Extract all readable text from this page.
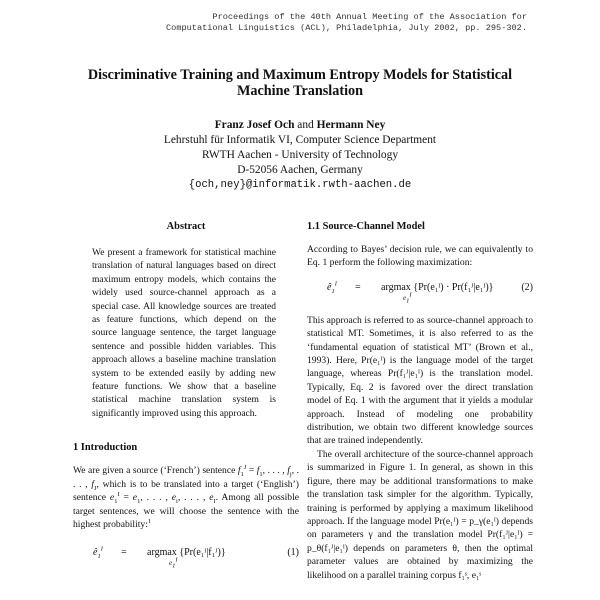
Proceedings of the 40th Annual Meeting of the Association for
Computational Linguistics (ACL), Philadelphia, July 2002, pp. 295-302.
Discriminative Training and Maximum Entropy Models for Statistical
Machine Translation
Franz Josef Och and Hermann Ney
Lehrstuhl für Informatik VI, Computer Science Department
RWTH Aachen - University of Technology
D-52056 Aachen, Germany
{och,ney}@informatik.rwth-aachen.de
Abstract

We present a framework for statistical machine translation of natural languages based on direct maximum entropy models, which contains the widely used source-channel approach as a special case. All knowledge sources are treated as feature functions, which depend on the source language sentence, the target language sentence and possible hidden variables. This approach allows a baseline machine translation system to be extended easily by adding new feature functions. We show that a baseline statistical machine translation system is significantly improved using this approach.

1 Introduction

We are given a source (‘French’) sentence $f_1^J = f_1$, . . . , $f_j$, . . . , $f_J$, which is to be translated into a target (‘English’) sentence $e_1^I = e_1$, . . . , $e_i$, . . . , $e_I$. Among all possible target sentences, we will choose the sentence with the highest probability:$^1$

$ê_1^I = argmax$ {Pr(e₁ᴵ|f₁ᴶ)}
$e_1^I$
(1)
1.1 Source-Channel Model

According to Bayes’ decision rule, we can equivalently to Eq. 1 perform the following maximization:

$ê_1^I = argmax$ {Pr(e₁ᴵ) · Pr(f₁ᴶ|e₁ᴵ)}
$e_1^I$
(2)

This approach is referred to as source-channel approach to statistical MT. Sometimes, it is also referred to as the ‘fundamental equation of statistical MT’ (Brown et al., 1993). Here, Pr(e₁ᴵ) is the language model of the target language, whereas Pr(f₁ᴶ|e₁ᴵ) is the translation model. Typically, Eq. 2 is favored over the direct translation model of Eq. 1 with the argument that it yields a modular approach. Instead of modeling one probability distribution, we obtain two different knowledge sources that are trained independently.

The overall architecture of the source-channel approach is summarized in Figure 1. In general, as shown in this figure, there may be additional transformations to make the translation task simpler for the algorithm. Typically, training is performed by applying a maximum likelihood approach. If the language model Pr(e₁ᴵ) = p_γ(e₁ᴵ) depends on parameters γ and the translation model Pr(f₁ᴶ|e₁ᴵ) = p_θ(f₁ᴶ|e₁ᴵ) depends on parameters θ, then the optimal parameter values are obtained by maximizing the likelihood on a parallel training corpus f₁ˢ, e₁ˢ
